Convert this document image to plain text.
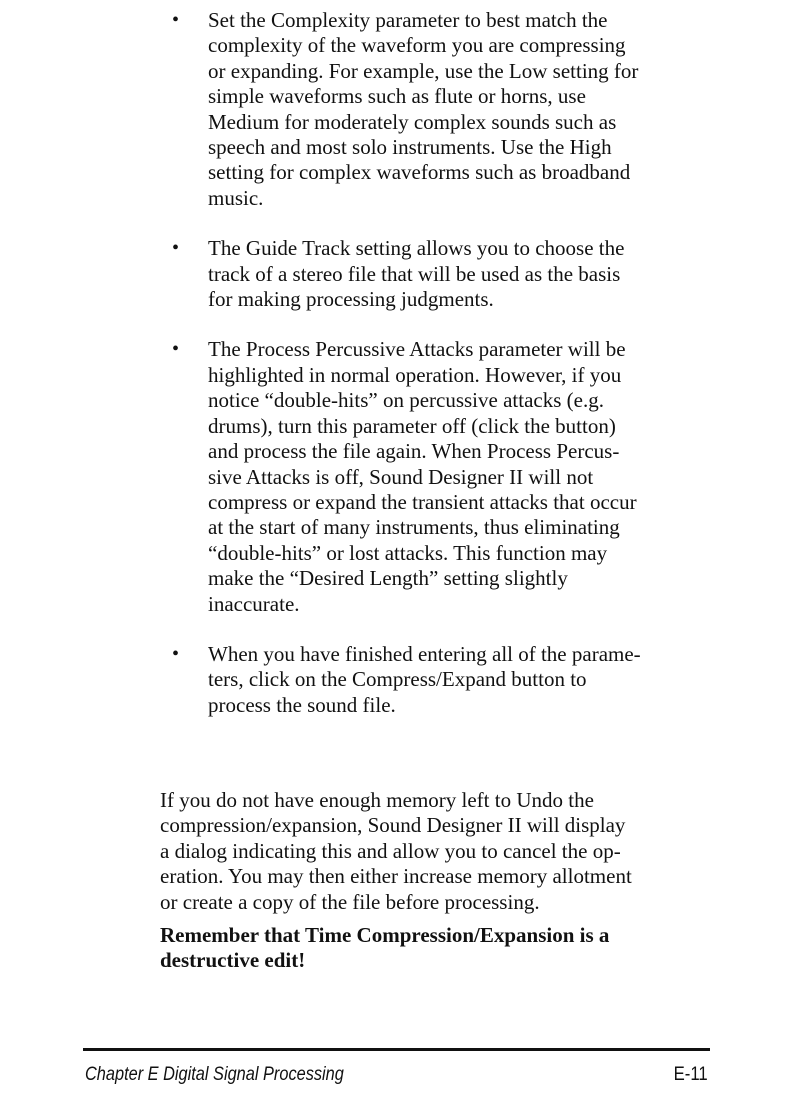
• Set the Complexity parameter to best match the
complexity of the waveform you are compressing
or expanding. For example, use the Low setting for
simple waveforms such as flute or horns, use
Medium for moderately complex sounds such as
speech and most solo instruments. Use the High
setting for complex waveforms such as broadband
music.
• The Guide Track setting allows you to choose the
track of a stereo file that will be used as the basis
for making processing judgments.
• The Process Percussive Attacks parameter will be
highlighted in normal operation. However, if you
notice “double-hits” on percussive attacks (e.g.
drums), turn this parameter off (click the button)
and process the file again. When Process Percus-
sive Attacks is off, Sound Designer II will not
compress or expand the transient attacks that occur
at the start of many instruments, thus eliminating
“double-hits” or lost attacks. This function may
make the “Desired Length” setting slightly
inaccurate.
• When you have finished entering all of the parame-
ters, click on the Compress/Expand button to
process the sound file.

If you do not have enough memory left to Undo the
compression/expansion, Sound Designer II will display
a dialog indicating this and allow you to cancel the op-
eration. You may then either increase memory allotment
or create a copy of the file before processing.

Remember that Time Compression/Expansion is a
destructive edit!

Chapter E Digital Signal Processing	E-11
